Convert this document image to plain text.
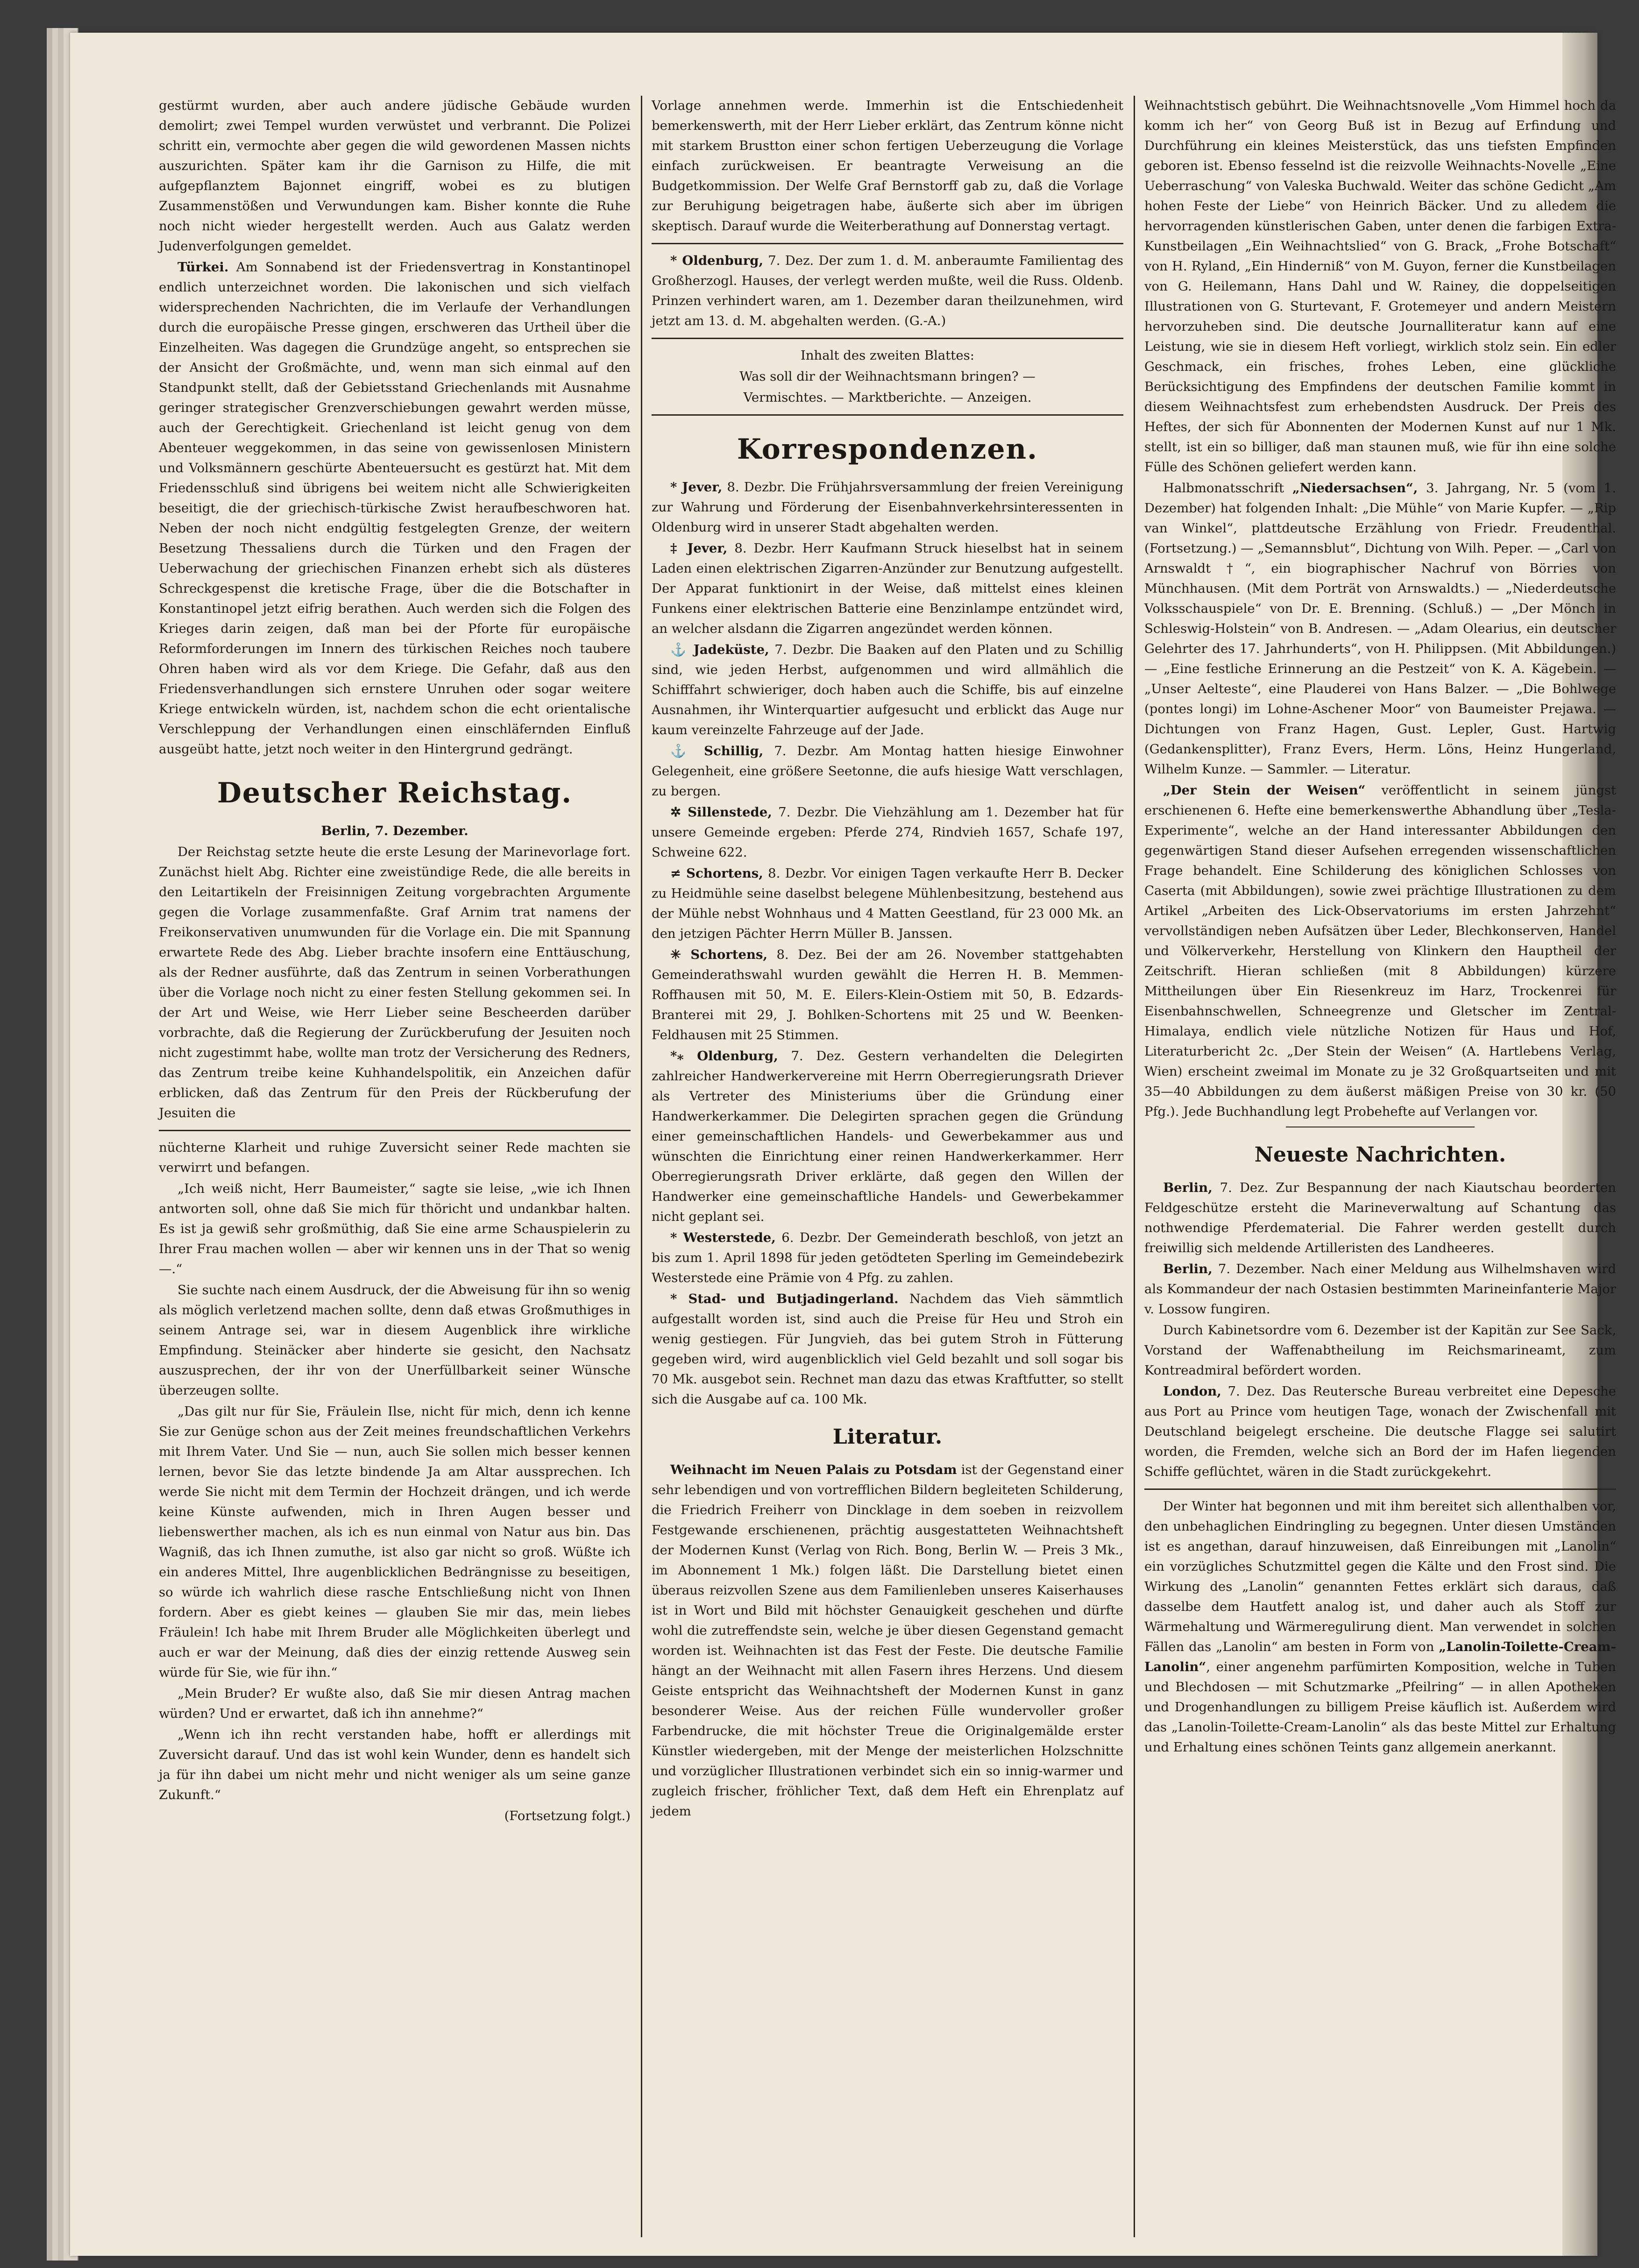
gestürmt wurden, aber auch andere jüdische Gebäude wurden demolirt; zwei Tempel wurden verwüstet und verbrannt. Die Polizei schritt ein, vermochte aber gegen die wild gewordenen Massen nichts auszurichten. Später kam ihr die Garnison zu Hilfe, die mit aufgepflanztem Bajonnet eingriff, wobei es zu blutigen Zusammenstößen und Verwundungen kam. Bisher konnte die Ruhe noch nicht wieder hergestellt werden. Auch aus Galatz werden Judenverfolgungen gemeldet.

Türkei. Am Sonnabend ist der Friedensvertrag in Konstantinopel endlich unterzeichnet worden. Die lakonischen und sich vielfach widersprechenden Nachrichten, die im Verlaufe der Verhandlungen durch die europäische Presse gingen, erschweren das Urtheil über die Einzelheiten. Was dagegen die Grundzüge angeht, so entsprechen sie der Ansicht der Großmächte, und, wenn man sich einmal auf den Standpunkt stellt, daß der Gebietsstand Griechenlands mit Ausnahme geringer strategischer Grenzverschiebungen gewahrt werden müsse, auch der Gerechtigkeit. Griechenland ist leicht genug von dem Abenteuer weggekommen, in das seine von gewissenlosen Ministern und Volksmännern geschürte Abenteuersucht es gestürzt hat. Mit dem Friedensschluß sind übrigens bei weitem nicht alle Schwierigkeiten beseitigt, die der griechisch-türkische Zwist heraufbeschworen hat. Neben der noch nicht endgültig festgelegten Grenze, der weitern Besetzung Thessaliens durch die Türken und den Fragen der Ueberwachung der griechischen Finanzen erhebt sich als düsteres Schreckgespenst die kretische Frage, über die die Botschafter in Konstantinopel jetzt eifrig berathen. Auch werden sich die Folgen des Krieges darin zeigen, daß man bei der Pforte für europäische Reformforderungen im Innern des türkischen Reiches noch taubere Ohren haben wird als vor dem Kriege. Die Gefahr, daß aus den Friedensverhandlungen sich ernstere Unruhen oder sogar weitere Kriege entwickeln würden, ist, nachdem schon die echt orientalische Verschleppung der Verhandlungen einen einschläfernden Einfluß ausgeübt hatte, jetzt noch weiter in den Hintergrund gedrängt.

Deutscher Reichstag.

Berlin, 7. Dezember.

Der Reichstag setzte heute die erste Lesung der Marinevorlage fort. Zunächst hielt Abg. Richter eine zweistündige Rede, die alle bereits in den Leitartikeln der Freisinnigen Zeitung vorgebrachten Argumente gegen die Vorlage zusammenfaßte. Graf Arnim trat namens der Freikonservativen unumwunden für die Vorlage ein. Die mit Spannung erwartete Rede des Abg. Lieber brachte insofern eine Enttäuschung, als der Redner ausführte, daß das Zentrum in seinen Vorberathungen über die Vorlage noch nicht zu einer festen Stellung gekommen sei. In der Art und Weise, wie Herr Lieber seine Bescheerden darüber vorbrachte, daß die Regierung der Zurückberufung der Jesuiten noch nicht zugestimmt habe, wollte man trotz der Versicherung des Redners, das Zentrum treibe keine Kuhhandelspolitik, ein Anzeichen dafür erblicken, daß das Zentrum für den Preis der Rückberufung der Jesuiten die

nüchterne Klarheit und ruhige Zuversicht seiner Rede machten sie verwirrt und befangen.

„Ich weiß nicht, Herr Baumeister,“ sagte sie leise, „wie ich Ihnen antworten soll, ohne daß Sie mich für thöricht und undankbar halten. Es ist ja gewiß sehr großmüthig, daß Sie eine arme Schauspielerin zu Ihrer Frau machen wollen — aber wir kennen uns in der That so wenig —.“

Sie suchte nach einem Ausdruck, der die Abweisung für ihn so wenig als möglich verletzend machen sollte, denn daß etwas Großmuthiges in seinem Antrage sei, war in diesem Augenblick ihre wirkliche Empfindung. Steinäcker aber hinderte sie gesicht, den Nachsatz auszusprechen, der ihr von der Unerfüllbarkeit seiner Wünsche überzeugen sollte.

„Das gilt nur für Sie, Fräulein Ilse, nicht für mich, denn ich kenne Sie zur Genüge schon aus der Zeit meines freundschaftlichen Verkehrs mit Ihrem Vater. Und Sie — nun, auch Sie sollen mich besser kennen lernen, bevor Sie das letzte bindende Ja am Altar aussprechen. Ich werde Sie nicht mit dem Termin der Hochzeit drängen, und ich werde keine Künste aufwenden, mich in Ihren Augen besser und liebenswerther machen, als ich es nun einmal von Natur aus bin. Das Wagniß, das ich Ihnen zumuthe, ist also gar nicht so groß. Wüßte ich ein anderes Mittel, Ihre augenblicklichen Bedrängnisse zu beseitigen, so würde ich wahrlich diese rasche Entschließung nicht von Ihnen fordern. Aber es giebt keines — glauben Sie mir das, mein liebes Fräulein! Ich habe mit Ihrem Bruder alle Möglichkeiten überlegt und auch er war der Meinung, daß dies der einzig rettende Ausweg sein würde für Sie, wie für ihn.“

„Mein Bruder? Er wußte also, daß Sie mir diesen Antrag machen würden? Und er erwartet, daß ich ihn annehme?“

„Wenn ich ihn recht verstanden habe, hofft er allerdings mit Zuversicht darauf. Und das ist wohl kein Wunder, denn es handelt sich ja für ihn dabei um nicht mehr und nicht weniger als um seine ganze Zukunft.“

(Fortsetzung folgt.)

Vorlage annehmen werde. Immerhin ist die Entschiedenheit bemerkenswerth, mit der Herr Lieber erklärt, das Zentrum könne nicht mit starkem Brustton einer schon fertigen Ueberzeugung die Vorlage einfach zurückweisen. Er beantragte Verweisung an die Budgetkommission. Der Welfe Graf Bernstorff gab zu, daß die Vorlage zur Beruhigung beigetragen habe, äußerte sich aber im übrigen skeptisch. Darauf wurde die Weiterberathung auf Donnerstag vertagt.

* Oldenburg, 7. Dez. Der zum 1. d. M. anberaumte Familientag des Großherzogl. Hauses, der verlegt werden mußte, weil die Russ. Oldenb. Prinzen verhindert waren, am 1. Dezember daran theilzunehmen, wird jetzt am 13. d. M. abgehalten werden. (G.-A.)

Inhalt des zweiten Blattes:

Was soll dir der Weihnachtsmann bringen? —

Vermischtes. — Marktberichte. — Anzeigen.

Korrespondenzen.

* Jever, 8. Dezbr. Die Frühjahrsversammlung der freien Vereinigung zur Wahrung und Förderung der Eisenbahnverkehrsinteressenten in Oldenburg wird in unserer Stadt abgehalten werden.

‡ Jever, 8. Dezbr. Herr Kaufmann Struck hieselbst hat in seinem Laden einen elektrischen Zigarren-Anzünder zur Benutzung aufgestellt. Der Apparat funktionirt in der Weise, daß mittelst eines kleinen Funkens einer elektrischen Batterie eine Benzinlampe entzündet wird, an welcher alsdann die Zigarren angezündet werden können.

⚓ Jadeküste, 7. Dezbr. Die Baaken auf den Platen und zu Schillig sind, wie jeden Herbst, aufgenommen und wird allmählich die Schifffahrt schwieriger, doch haben auch die Schiffe, bis auf einzelne Ausnahmen, ihr Winterquartier aufgesucht und erblickt das Auge nur kaum vereinzelte Fahrzeuge auf der Jade.

⚓ Schillig, 7. Dezbr. Am Montag hatten hiesige Einwohner Gelegenheit, eine größere Seetonne, die aufs hiesige Watt verschlagen, zu bergen.

✲ Sillenstede, 7. Dezbr. Die Viehzählung am 1. Dezember hat für unsere Gemeinde ergeben: Pferde 274, Rindvieh 1657, Schafe 197, Schweine 622.

≠ Schortens, 8. Dezbr. Vor einigen Tagen verkaufte Herr B. Decker zu Heidmühle seine daselbst belegene Mühlenbesitzung, bestehend aus der Mühle nebst Wohnhaus und 4 Matten Geestland, für 23 000 Mk. an den jetzigen Pächter Herrn Müller B. Janssen.

✳ Schortens, 8. Dez. Bei der am 26. November stattgehabten Gemeinderathswahl wurden gewählt die Herren H. B. Memmen-Roffhausen mit 50, M. E. Eilers-Klein-Ostiem mit 50, B. Edzards-Branterei mit 29, J. Bohlken-Schortens mit 25 und W. Beenken-Feldhausen mit 25 Stimmen.

*⁎ Oldenburg, 7. Dez. Gestern verhandelten die Delegirten zahlreicher Handwerkervereine mit Herrn Oberregierungsrath Driever als Vertreter des Ministeriums über die Gründung einer Handwerkerkammer. Die Delegirten sprachen gegen die Gründung einer gemeinschaftlichen Handels- und Gewerbekammer aus und wünschten die Einrichtung einer reinen Handwerkerkammer. Herr Oberregierungsrath Driver erklärte, daß gegen den Willen der Handwerker eine gemeinschaftliche Handels- und Gewerbekammer nicht geplant sei.

* Westerstede, 6. Dezbr. Der Gemeinderath beschloß, von jetzt an bis zum 1. April 1898 für jeden getödteten Sperling im Gemeindebezirk Westerstede eine Prämie von 4 Pfg. zu zahlen.

* Stad- und Butjadingerland. Nachdem das Vieh sämmtlich aufgestallt worden ist, sind auch die Preise für Heu und Stroh ein wenig gestiegen. Für Jungvieh, das bei gutem Stroh in Fütterung gegeben wird, wird augenblicklich viel Geld bezahlt und soll sogar bis 70 Mk. ausgebot sein. Rechnet man dazu das etwas Kraftfutter, so stellt sich die Ausgabe auf ca. 100 Mk.

Literatur.

Weihnacht im Neuen Palais zu Potsdam ist der Gegenstand einer sehr lebendigen und von vortrefflichen Bildern begleiteten Schilderung, die Friedrich Freiherr von Dincklage in dem soeben in reizvollem Festgewande erschienenen, prächtig ausgestatteten Weihnachtsheft der Modernen Kunst (Verlag von Rich. Bong, Berlin W. — Preis 3 Mk., im Abonnement 1 Mk.) folgen läßt. Die Darstellung bietet einen überaus reizvollen Szene aus dem Familienleben unseres Kaiserhauses ist in Wort und Bild mit höchster Genauigkeit geschehen und dürfte wohl die zutreffendste sein, welche je über diesen Gegenstand gemacht worden ist. Weihnachten ist das Fest der Feste. Die deutsche Familie hängt an der Weihnacht mit allen Fasern ihres Herzens. Und diesem Geiste entspricht das Weihnachtsheft der Modernen Kunst in ganz besonderer Weise. Aus der reichen Fülle wundervoller großer Farbendrucke, die mit höchster Treue die Originalgemälde erster Künstler wiedergeben, mit der Menge der meisterlichen Holzschnitte und vorzüglicher Illustrationen verbindet sich ein so innig-warmer und zugleich frischer, fröhlicher Text, daß dem Heft ein Ehrenplatz auf jedem

Weihnachtstisch gebührt. Die Weihnachtsnovelle „Vom Himmel hoch da komm ich her“ von Georg Buß ist in Bezug auf Erfindung und Durchführung ein kleines Meisterstück, das uns tiefsten Empfinden geboren ist. Ebenso fesselnd ist die reizvolle Weihnachts-Novelle „Eine Ueberraschung“ von Valeska Buchwald. Weiter das schöne Gedicht „Am hohen Feste der Liebe“ von Heinrich Bäcker. Und zu alledem die hervorragenden künstlerischen Gaben, unter denen die farbigen Extra-Kunstbeilagen „Ein Weihnachtslied“ von G. Brack, „Frohe Botschaft“ von H. Ryland, „Ein Hinderniß“ von M. Guyon, ferner die Kunstbeilagen von G. Heilemann, Hans Dahl und W. Rainey, die doppelseitigen Illustrationen von G. Sturtevant, F. Grotemeyer und andern Meistern hervorzuheben sind. Die deutsche Journalliteratur kann auf eine Leistung, wie sie in diesem Heft vorliegt, wirklich stolz sein. Ein edler Geschmack, ein frisches, frohes Leben, eine glückliche Berücksichtigung des Empfindens der deutschen Familie kommt in diesem Weihnachtsfest zum erhebendsten Ausdruck. Der Preis des Heftes, der sich für Abonnenten der Modernen Kunst auf nur 1 Mk. stellt, ist ein so billiger, daß man staunen muß, wie für ihn eine solche Fülle des Schönen geliefert werden kann.

Halbmonatsschrift „Niedersachsen“, 3. Jahrgang, Nr. 5 (vom 1. Dezember) hat folgenden Inhalt: „Die Mühle“ von Marie Kupfer. — „Rip van Winkel“, plattdeutsche Erzählung von Friedr. Freudenthal. (Fortsetzung.) — „Semannsblut“, Dichtung von Wilh. Peper. — „Carl von Arnswaldt †“, ein biographischer Nachruf von Börries von Münchhausen. (Mit dem Porträt von Arnswaldts.) — „Niederdeutsche Volksschauspiele“ von Dr. E. Brenning. (Schluß.) — „Der Mönch in Schleswig-Holstein“ von B. Andresen. — „Adam Olearius, ein deutscher Gelehrter des 17. Jahrhunderts“, von H. Philippsen. (Mit Abbildungen.) — „Eine festliche Erinnerung an die Pestzeit“ von K. A. Kägebein. — „Unser Aelteste“, eine Plauderei von Hans Balzer. — „Die Bohlwege (pontes longi) im Lohne-Aschener Moor“ von Baumeister Prejawa. — Dichtungen von Franz Hagen, Gust. Lepler, Gust. Hartwig (Gedankensplitter), Franz Evers, Herm. Löns, Heinz Hungerland, Wilhelm Kunze. — Sammler. — Literatur.

„Der Stein der Weisen“ veröffentlicht in seinem jüngst erschienenen 6. Hefte eine bemerkenswerthe Abhandlung über „Tesla-Experimente“, welche an der Hand interessanter Abbildungen den gegenwärtigen Stand dieser Aufsehen erregenden wissenschaftlichen Frage behandelt. Eine Schilderung des königlichen Schlosses von Caserta (mit Abbildungen), sowie zwei prächtige Illustrationen zu dem Artikel „Arbeiten des Lick-Observatoriums im ersten Jahrzehnt“ vervollständigen neben Aufsätzen über Leder, Blechkonserven, Handel und Völkerverkehr, Herstellung von Klinkern den Hauptheil der Zeitschrift. Hieran schließen (mit 8 Abbildungen) kürzere Mittheilungen über Ein Riesenkreuz im Harz, Trockenrei für Eisenbahnschwellen, Schneegrenze und Gletscher im Zentral-Himalaya, endlich viele nützliche Notizen für Haus und Hof, Literaturbericht 2c. „Der Stein der Weisen“ (A. Hartlebens Verlag, Wien) erscheint zweimal im Monate zu je 32 Großquartseiten und mit 35—40 Abbildungen zu dem äußerst mäßigen Preise von 30 kr. (50 Pfg.). Jede Buchhandlung legt Probehefte auf Verlangen vor.

Neueste Nachrichten.

Berlin, 7. Dez. Zur Bespannung der nach Kiautschau beorderten Feldgeschütze ersteht die Marineverwaltung auf Schantung das nothwendige Pferdematerial. Die Fahrer werden gestellt durch freiwillig sich meldende Artilleristen des Landheeres.

Berlin, 7. Dezember. Nach einer Meldung aus Wilhelmshaven wird als Kommandeur der nach Ostasien bestimmten Marineinfanterie Major v. Lossow fungiren.

Durch Kabinetsordre vom 6. Dezember ist der Kapitän zur See Sack, Vorstand der Waffenabtheilung im Reichsmarineamt, zum Kontreadmiral befördert worden.

London, 7. Dez. Das Reutersche Bureau verbreitet eine Depesche aus Port au Prince vom heutigen Tage, wonach der Zwischenfall mit Deutschland beigelegt erscheine. Die deutsche Flagge sei salutirt worden, die Fremden, welche sich an Bord der im Hafen liegenden Schiffe geflüchtet, wären in die Stadt zurückgekehrt.

Der Winter hat begonnen und mit ihm bereitet sich allenthalben vor, den unbehaglichen Eindringling zu begegnen. Unter diesen Umständen ist es angethan, darauf hinzuweisen, daß Einreibungen mit „Lanolin“ ein vorzügliches Schutzmittel gegen die Kälte und den Frost sind. Die Wirkung des „Lanolin“ genannten Fettes erklärt sich daraus, daß dasselbe dem Hautfett analog ist, und daher auch als Stoff zur Wärmehaltung und Wärmeregulirung dient. Man verwendet in solchen Fällen das „Lanolin“ am besten in Form von „Lanolin-Toilette-Cream-Lanolin“, einer angenehm parfümirten Komposition, welche in Tuben und Blechdosen — mit Schutzmarke „Pfeilring“ — in allen Apotheken und Drogenhandlungen zu billigem Preise käuflich ist. Außerdem wird das „Lanolin-Toilette-Cream-Lanolin“ als das beste Mittel zur Erhaltung und Erhaltung eines schönen Teints ganz allgemein anerkannt.
